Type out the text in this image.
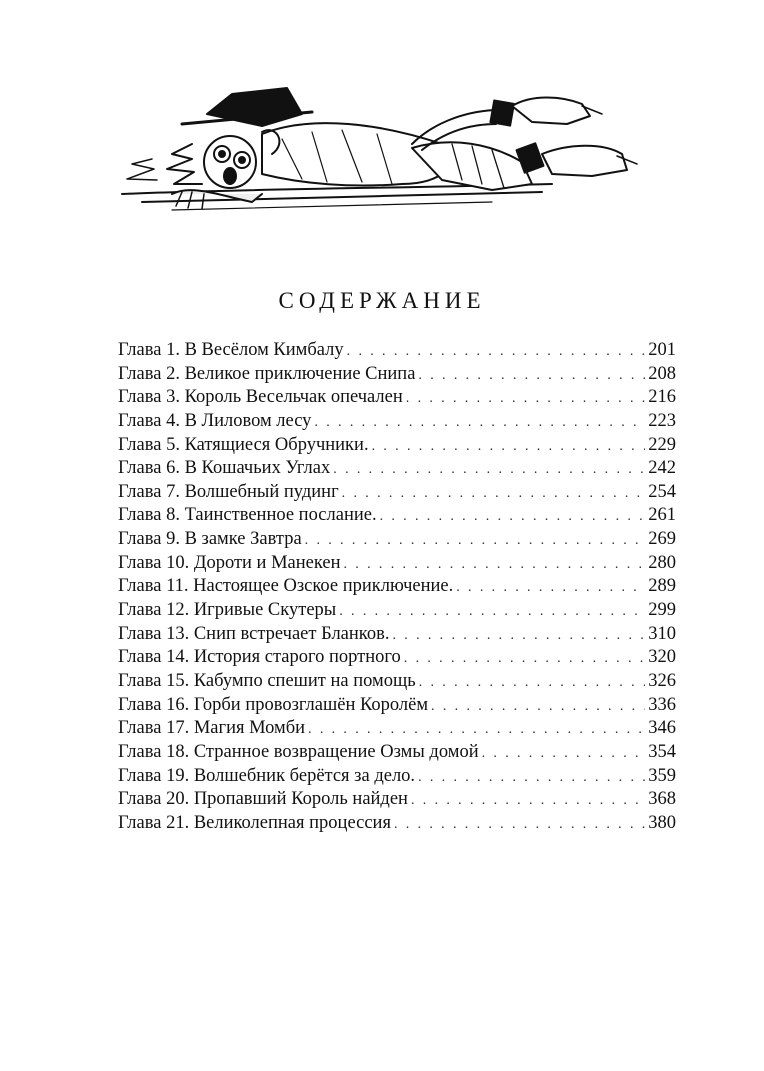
СОДЕРЖАНИЕ
Глава 1. В Весёлом Кимбалу . . .	201
Глава 2. Великое приключение Снипа . . .	208
Глава 3. Король Весельчак опечален . . .	216
Глава 4. В Лиловом лесу . . .	223
Глава 5. Катящиеся Обручники. . . .	229
Глава 6. В Кошачьих Углах . . .	242
Глава 7. Волшебный пудинг . . .	254
Глава 8. Таинственное послание. . . .	261
Глава 9. В замке Завтра . . .	269
Глава 10. Дороти и Манекен . . .	280
Глава 11. Настоящее Озское приключение. . . .	289
Глава 12. Игривые Скутеры . . .	299
Глава 13. Снип встречает Бланков. . . .	310
Глава 14. История старого портного . . .	320
Глава 15. Кабумпо спешит на помощь . . .	326
Глава 16. Горби провозглашён Королём . . .	336
Глава 17. Магия Момби . . .	346
Глава 18. Странное возвращение Озмы домой . . .	354
Глава 19. Волшебник берётся за дело. . . .	359
Глава 20. Пропавший Король найден . . .	368
Глава 21. Великолепная процессия . . .	380
